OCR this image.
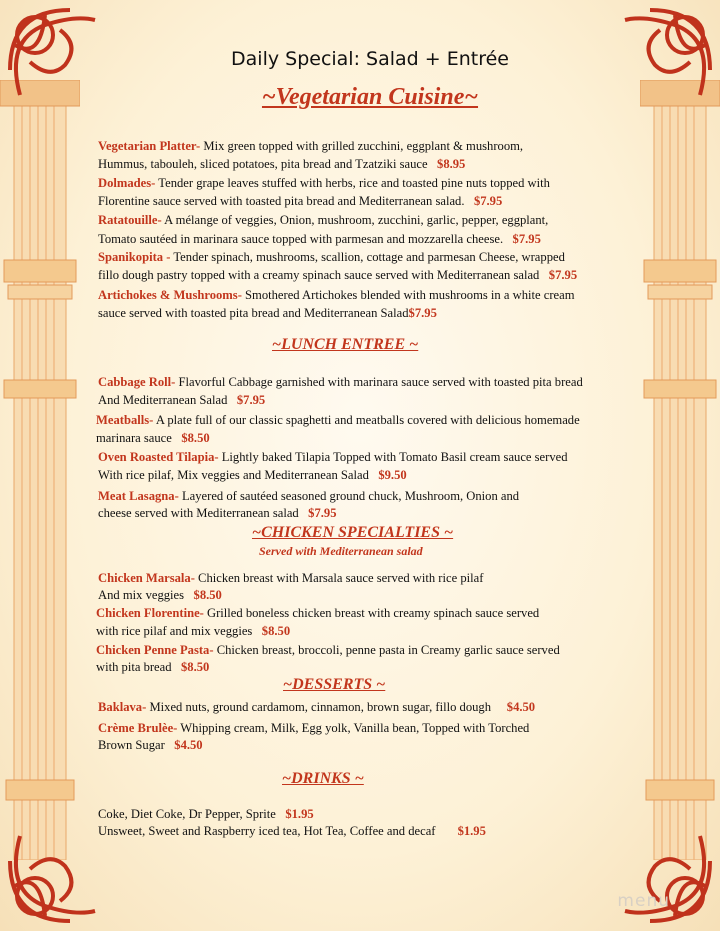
Daily Special: Salad + Entrée
~Vegetarian Cuisine~
Vegetarian Platter- Mix green topped with grilled zucchini, eggplant & mushroom,
Hummus, tabouleh, sliced potatoes, pita bread and Tzatziki sauce $8.95
Dolmades- Tender grape leaves stuffed with herbs, rice and toasted pine nuts topped with
Florentine sauce served with toasted pita bread and Mediterranean salad. $7.95
Ratatouille- A mélange of veggies, Onion, mushroom, zucchini, garlic, pepper, eggplant,
Tomato sautéed in marinara sauce topped with parmesan and mozzarella cheese. $7.95
Spanikopita - Tender spinach, mushrooms, scallion, cottage and parmesan Cheese, wrapped
fillo dough pastry topped with a creamy spinach sauce served with Mediterranean salad $7.95
Artichokes & Mushrooms- Smothered Artichokes blended with mushrooms in a white cream
sauce served with toasted pita bread and Mediterranean Salad$7.95
~LUNCH ENTREE ~
Cabbage Roll- Flavorful Cabbage garnished with marinara sauce served with toasted pita bread
And Mediterranean Salad $7.95
Meatballs- A plate full of our classic spaghetti and meatballs covered with delicious homemade
marinara sauce $8.50
Oven Roasted Tilapia- Lightly baked Tilapia Topped with Tomato Basil cream sauce served
With rice pilaf, Mix veggies and Mediterranean Salad $9.50
Meat Lasagna- Layered of sautéed seasoned ground chuck, Mushroom, Onion and
cheese served with Mediterranean salad $7.95
~CHICKEN SPECIALTIES ~
Served with Mediterranean salad
Chicken Marsala- Chicken breast with Marsala sauce served with rice pilaf
And mix veggies $8.50
Chicken Florentine- Grilled boneless chicken breast with creamy spinach sauce served
with rice pilaf and mix veggies $8.50
Chicken Penne Pasta- Chicken breast, broccoli, penne pasta in Creamy garlic sauce served
with pita bread $8.50
~DESSERTS ~
Baklava- Mixed nuts, ground cardamom, cinnamon, brown sugar, fillo dough $4.50
Crème Brulèe- Whipping cream, Milk, Egg yolk, Vanilla bean, Topped with Torched
Brown Sugar $4.50
~DRINKS ~
Coke, Diet Coke, Dr Pepper, Sprite $1.95
Unsweet, Sweet and Raspberry iced tea, Hot Tea, Coffee and decaf $1.95
menu
